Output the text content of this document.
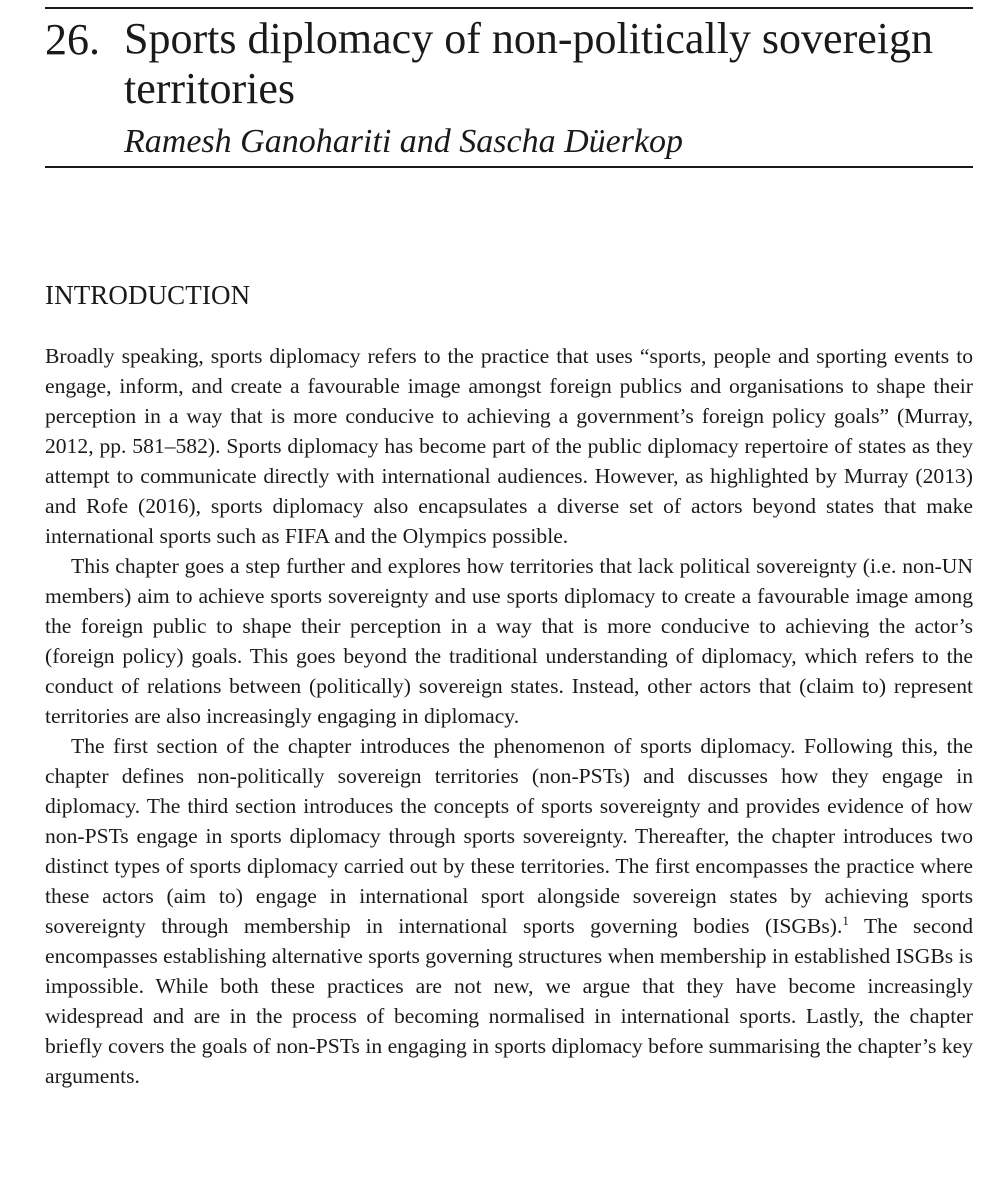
26. Sports diplomacy of non-politically sovereign territories
Ramesh Ganohariti and Sascha Düerkop
INTRODUCTION

Broadly speaking, sports diplomacy refers to the practice that uses “sports, people and sporting events to engage, inform, and create a favourable image amongst foreign publics and organisations to shape their perception in a way that is more conducive to achieving a government’s foreign policy goals” (Murray, 2012, pp. 581–582). Sports diplomacy has become part of the public diplomacy repertoire of states as they attempt to communicate directly with international audiences. However, as highlighted by Murray (2013) and Rofe (2016), sports diplomacy also encapsulates a diverse set of actors beyond states that make international sports such as FIFA and the Olympics possible.

This chapter goes a step further and explores how territories that lack political sovereignty (i.e. non-UN members) aim to achieve sports sovereignty and use sports diplomacy to create a favourable image among the foreign public to shape their perception in a way that is more conducive to achieving the actor’s (foreign policy) goals. This goes beyond the traditional understanding of diplomacy, which refers to the conduct of relations between (politically) sovereign states. Instead, other actors that (claim to) represent territories are also increasingly engaging in diplomacy.

The first section of the chapter introduces the phenomenon of sports diplomacy. Following this, the chapter defines non-politically sovereign territories (non-PSTs) and discusses how they engage in diplomacy. The third section introduces the concepts of sports sovereignty and provides evidence of how non-PSTs engage in sports diplomacy through sports sovereignty. Thereafter, the chapter introduces two distinct types of sports diplomacy carried out by these territories. The first encompasses the practice where these actors (aim to) engage in international sport alongside sovereign states by achieving sports sovereignty through membership in international sports governing bodies (ISGBs).$^1$ The second encompasses establishing alternative sports governing structures when membership in established ISGBs is impossible. While both these practices are not new, we argue that they have become increasingly widespread and are in the process of becoming normalised in international sports. Lastly, the chapter briefly covers the goals of non-PSTs in engaging in sports diplomacy before summarising the chapter’s key arguments.
